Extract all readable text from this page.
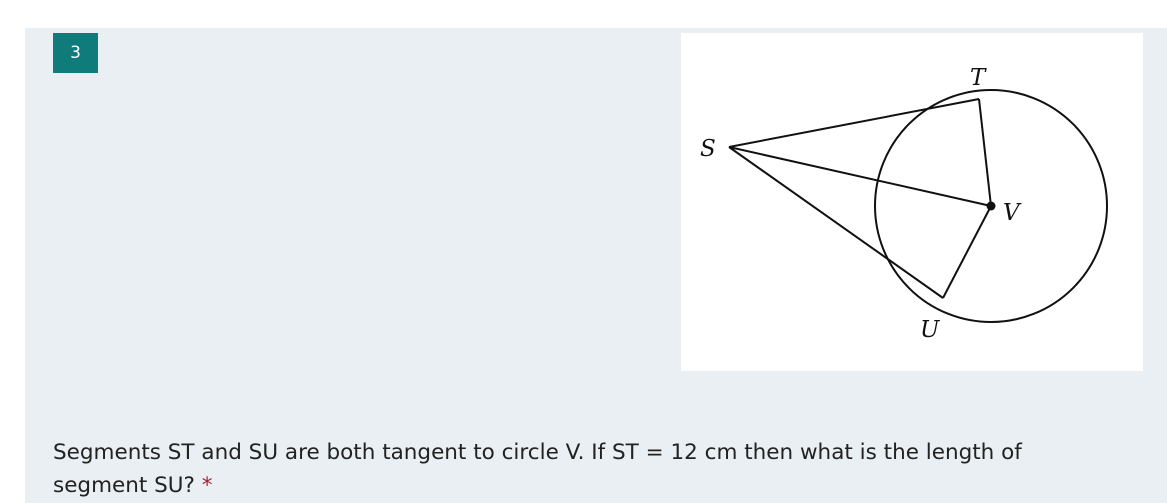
3
S
T
U
V
Segments ST and SU are both tangent to circle V. If ST = 12 cm then what is the length of segment SU? *
